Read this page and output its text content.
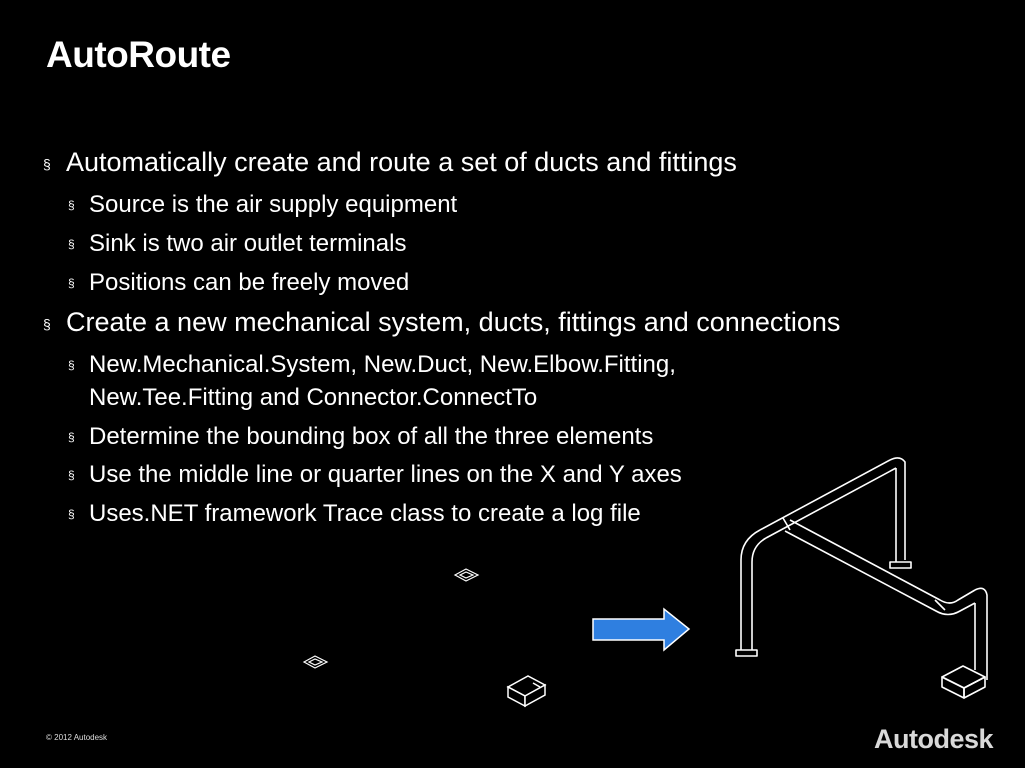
AutoRoute
§ Automatically create and route a set of ducts and fittings
§ Source is the air supply equipment
§ Sink is two air outlet terminals
§ Positions can be freely moved
§ Create a new mechanical system, ducts, fittings and connections
§ New.Mechanical.System, New.Duct, New.Elbow.Fitting,
New.Tee.Fitting and Connector.ConnectTo
§ Determine the bounding box of all the three elements
§ Use the middle line or quarter lines on the X and Y axes
§ Uses.NET framework Trace class to create a log file
© 2012 Autodesk	Autodesk
